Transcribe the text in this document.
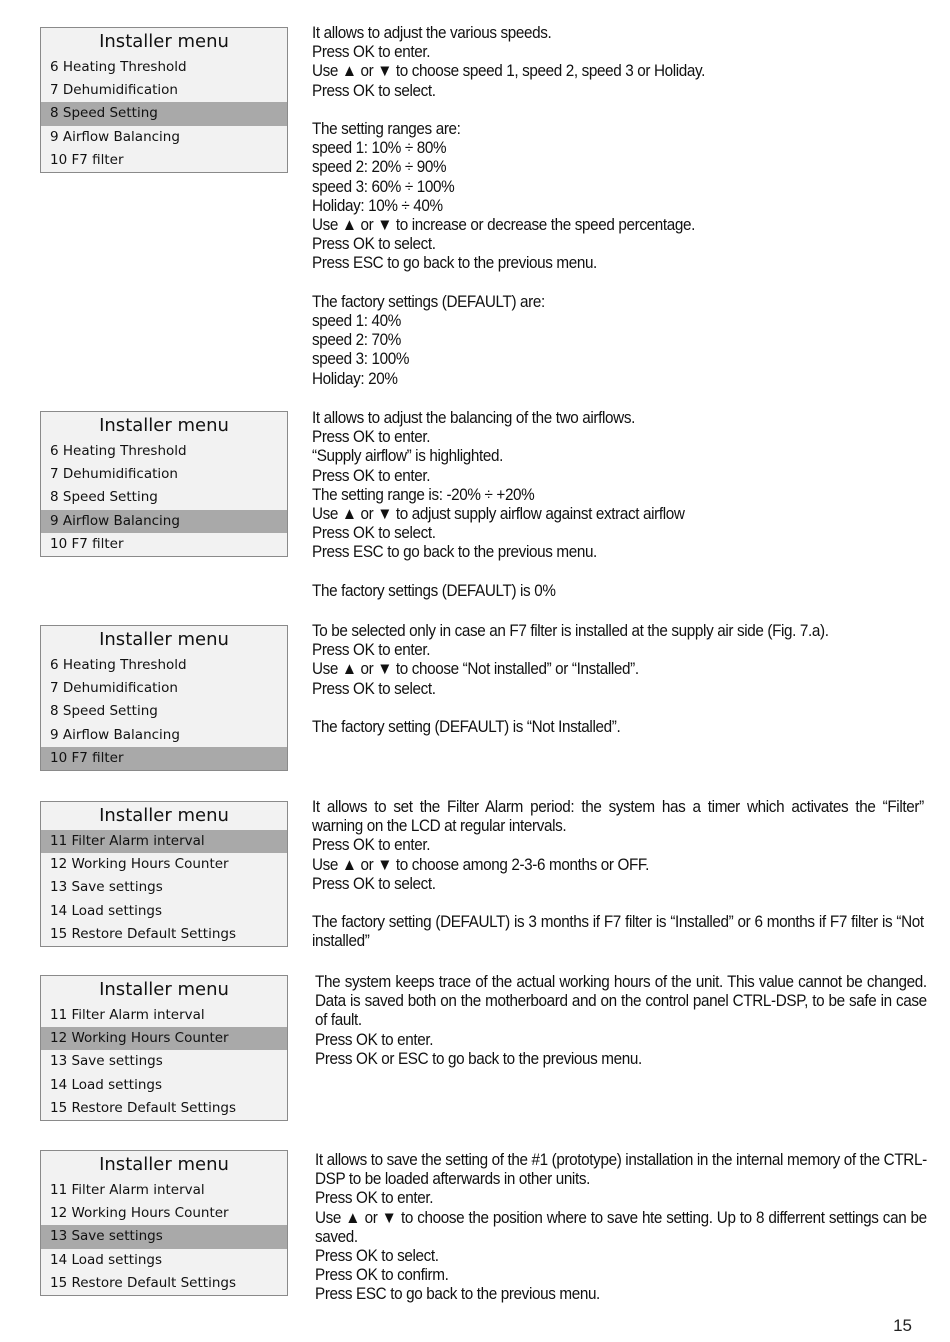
Installer menu
6 Heating Threshold
7 Dehumidification
8 Speed Setting
9 Airflow Balancing
10 F7 filter

It allows to adjust the various speeds.

Press OK to enter.

Use ▲ or ▼ to choose speed 1, speed 2, speed 3 or Holiday.

Press OK to select.

The setting ranges are:

speed 1: 10% ÷ 80%

speed 2: 20% ÷ 90%

speed 3: 60% ÷ 100%

Holiday: 10% ÷ 40%

Use ▲ or ▼ to increase or decrease the speed percentage.

Press OK to select.

Press ESC to go back to the previous menu.

The factory settings (DEFAULT) are:

speed 1: 40%

speed 2: 70%

speed 3: 100%

Holiday: 20%

Installer menu
6 Heating Threshold
7 Dehumidification
8 Speed Setting
9 Airflow Balancing
10 F7 filter

It allows to adjust the balancing of the two airflows.

Press OK to enter.

“Supply airflow” is highlighted.

Press OK to enter.

The setting range is: -20% ÷ +20%

Use ▲ or ▼ to adjust supply airflow against extract airflow

Press OK to select.

Press ESC to go back to the previous menu.

The factory settings (DEFAULT) is 0%

Installer menu
6 Heating Threshold
7 Dehumidification
8 Speed Setting
9 Airflow Balancing
10 F7 filter

To be selected only in case an F7 filter is installed at the supply air side (Fig. 7.a).

Press OK to enter.

Use ▲ or ▼ to choose “Not installed” or “Installed”.

Press OK to select.

The factory setting (DEFAULT) is “Not Installed”.

Installer menu
11 Filter Alarm interval
12 Working Hours Counter
13 Save settings
14 Load settings
15 Restore Default Settings

It allows to set the Filter Alarm period: the system has a timer which activates the “Filter” warning on the LCD at regular intervals.

Press OK to enter.

Use ▲ or ▼ to choose among 2-3-6 months or OFF.

Press OK to select.

The factory setting (DEFAULT) is 3 months if F7 filter is “Installed” or 6 months if F7 filter is “Not installed”

Installer menu
11 Filter Alarm interval
12 Working Hours Counter
13 Save settings
14 Load settings
15 Restore Default Settings

The system keeps trace of the actual working hours of the unit. This value cannot be changed. Data is saved both on the motherboard and on the control panel CTRL-DSP, to be safe in case of fault.

Press OK to enter.

Press OK or ESC to go back to the previous menu.

Installer menu
11 Filter Alarm interval
12 Working Hours Counter
13 Save settings
14 Load settings
15 Restore Default Settings

It allows to save the setting of the #1 (prototype) installation in the internal memory of the CTRL-DSP to be loaded afterwards in other units.

Press OK to enter.

Use ▲ or ▼ to choose the position where to save hte setting. Up to 8 differrent settings can be saved.

Press OK to select.

Press OK to confirm.

Press ESC to go back to the previous menu.

15
